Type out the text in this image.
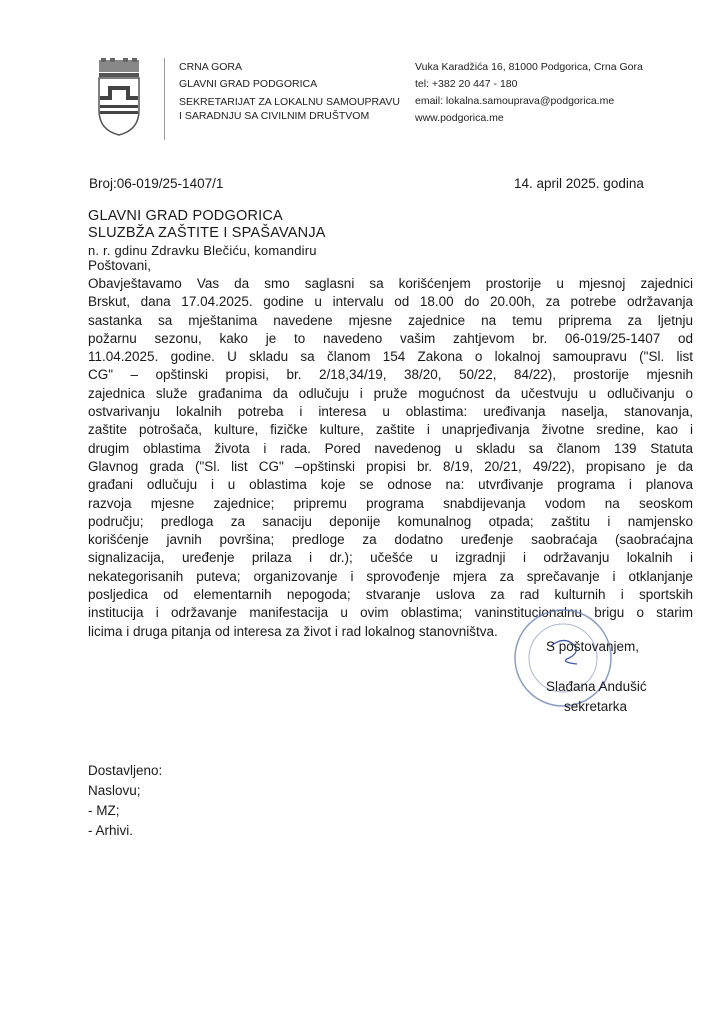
CRNA GORA
GLAVNI GRAD PODGORICA
SEKRETARIJAT ZA LOKALNU SAMOUPRAVU
I SARADNJU SA CIVILNIM DRUŠTVOM
Vuka Karadžića 16, 81000 Podgorica, Crna Gora
tel: +382 20 447 - 180
email: lokalna.samouprava@podgorica.me
www.podgorica.me
Broj:06-019/25-1407/1	14. april 2025. godina
GLAVNI GRAD PODGORICA
SLUZBŽA ZAŠTITE I SPAŠAVANJA
n. r. gdinu Zdravku Blečiću, komandiru
Poštovani,
Obavještavamo Vas da smo saglasni sa korišćenjem prostorije u mjesnoj zajednici
Brskut, dana 17.04.2025. godine u intervalu od 18.00 do 20.00h, za potrebe održavanja
sastanka sa mještanima navedene mjesne zajednice na temu priprema za ljetnju
požarnu sezonu, kako je to navedeno vašim zahtjevom br. 06-019/25-1407 od
11.04.2025. godine. U skladu sa članom 154 Zakona o lokalnoj samoupravu ("Sl. list
CG" – opštinski propisi, br. 2/18,34/19, 38/20, 50/22, 84/22), prostorije mjesnih
zajednica služe građanima da odlučuju i pruže mogućnost da učestvuju u odlučivanju o
ostvarivanju lokalnih potreba i interesa u oblastima: uređivanja naselja, stanovanja,
zaštite potrošača, kulture, fizičke kulture, zaštite i unaprjeđivanja životne sredine, kao i
drugim oblastima života i rada. Pored navedenog u skladu sa članom 139 Statuta
Glavnog grada ("Sl. list CG" –opštinski propisi br. 8/19, 20/21, 49/22), propisano je da
građani odlučuju i u oblastima koje se odnose na: utvrđivanje programa i planova
razvoja mjesne zajednice; pripremu programa snabdijevanja vodom na seoskom
području; predloga za sanaciju deponije komunalnog otpada; zaštitu i namjensko
korišćenje javnih površina; predloge za dodatno uređenje saobraćaja (saobraćajna
signalizacija, uređenje prilaza i dr.); učešće u izgradnji i održavanju lokalnih i
nekategorisanih puteva; organizovanje i sprovođenje mjera za sprečavanje i otklanjanje
posljedica od elementarnih nepogoda; stvaranje uslova za rad kulturnih i sportskih
institucija i održavanje manifestacija u ovim oblastima; vaninstitucionalnu brigu o starim
licima i druga pitanja od interesa za život i rad lokalnog stanovništva.
S poštovanjem,
Slađana Andušić
sekretarka
Dostavljeno:
Naslovu;
- MZ;
- Arhivi.
